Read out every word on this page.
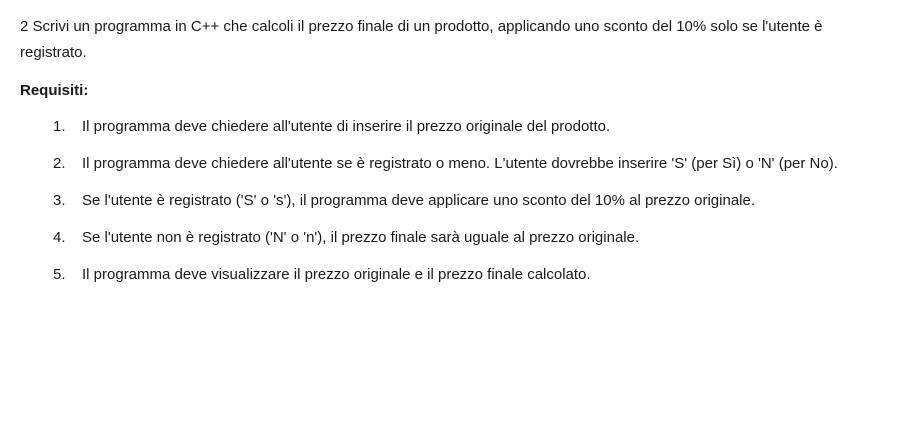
2 Scrivi un programma in C++ che calcoli il prezzo finale di un prodotto, applicando uno sconto del 10% solo se l'utente è registrato.

Requisiti:
1.	Il programma deve chiedere all'utente di inserire il prezzo originale del prodotto.
2.	Il programma deve chiedere all'utente se è registrato o meno. L'utente dovrebbe inserire 'S' (per Sì) o 'N' (per No).
3.	Se l'utente è registrato ('S' o 's'), il programma deve applicare uno sconto del 10% al prezzo originale.
4.	Se l'utente non è registrato ('N' o 'n'), il prezzo finale sarà uguale al prezzo originale.
5.	Il programma deve visualizzare il prezzo originale e il prezzo finale calcolato.
